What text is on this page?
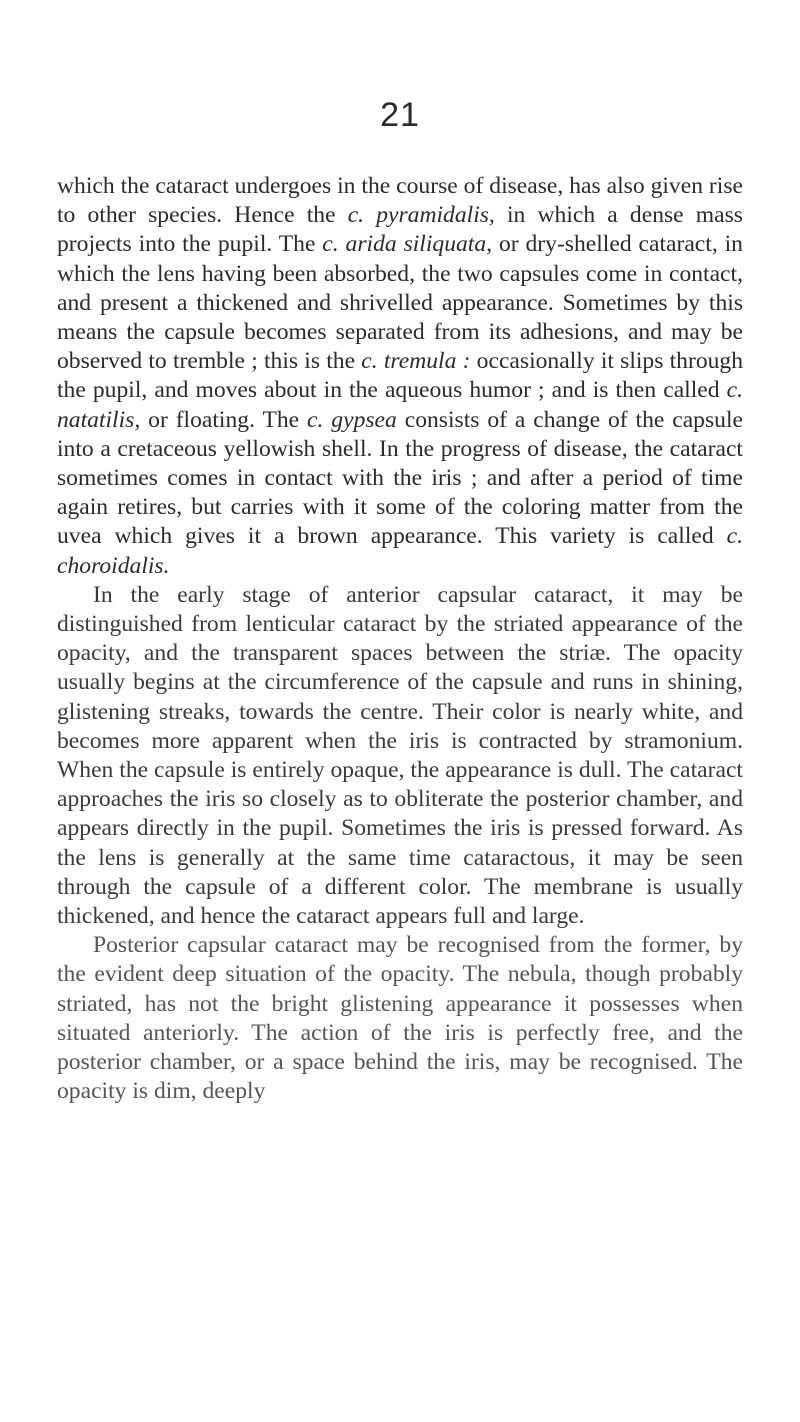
21

which the cataract undergoes in the course of disease, has also given rise to other species. Hence the c. pyramidalis, in which a dense mass projects into the pupil. The c. arida siliquata, or dry-shelled cataract, in which the lens having been absorbed, the two capsules come in contact, and present a thickened and shrivelled appearance. Sometimes by this means the capsule becomes separated from its adhesions, and may be observed to tremble ; this is the c. tremula : occasionally it slips through the pupil, and moves about in the aqueous humor ; and is then called c. natatilis, or floating. The c. gypsea consists of a change of the capsule into a cretaceous yellowish shell. In the progress of disease, the cataract sometimes comes in contact with the iris ; and after a period of time again retires, but carries with it some of the coloring matter from the uvea which gives it a brown appearance. This variety is called c. choroidalis.

In the early stage of anterior capsular cataract, it may be distinguished from lenticular cataract by the striated appearance of the opacity, and the transparent spaces between the striæ. The opacity usually begins at the circumference of the capsule and runs in shining, glistening streaks, towards the centre. Their color is nearly white, and becomes more apparent when the iris is contracted by stramonium. When the capsule is entirely opaque, the appearance is dull. The cataract approaches the iris so closely as to obliterate the posterior chamber, and appears directly in the pupil. Sometimes the iris is pressed forward. As the lens is generally at the same time cataractous, it may be seen through the capsule of a different color. The membrane is usually thickened, and hence the cataract appears full and large.

Posterior capsular cataract may be recognised from the former, by the evident deep situation of the opacity. The nebula, though probably striated, has not the bright glistening appearance it possesses when situated anteriorly. The action of the iris is perfectly free, and the posterior chamber, or a space behind the iris, may be recognised. The opacity is dim, deeply
